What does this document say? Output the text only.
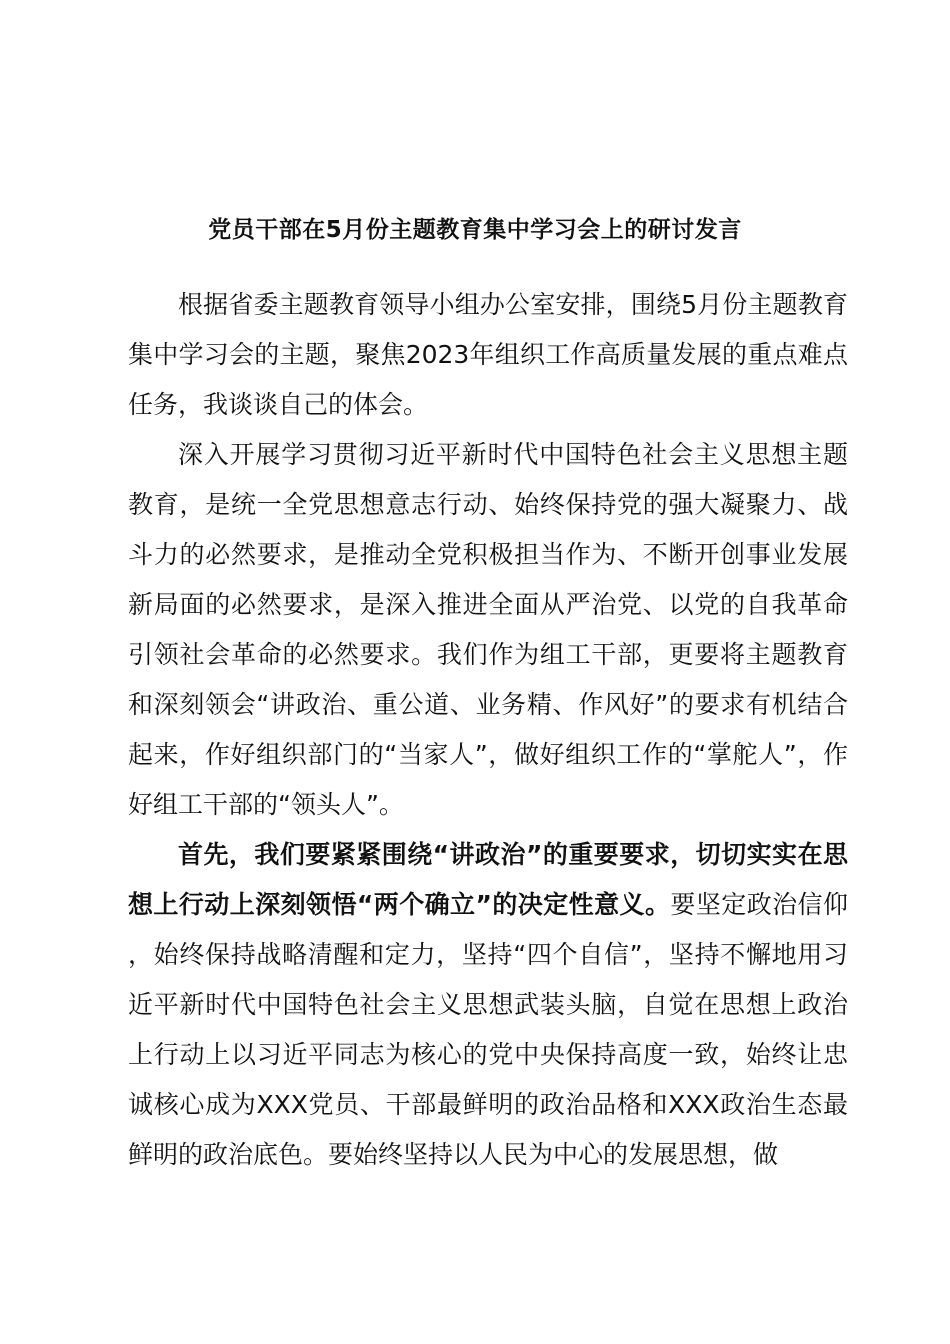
党员干部在5月份主题教育集中学习会上的研讨发言

根据省委主题教育领导小组办公室安排，围绕5月份主题教育集中学习会的主题，聚焦2023年组织工作高质量发展的重点难点任务，我谈谈自己的体会。

深入开展学习贯彻习近平新时代中国特色社会主义思想主题教育，是统一全党思想意志行动、始终保持党的强大凝聚力、战斗力的必然要求，是推动全党积极担当作为、不断开创事业发展新局面的必然要求，是深入推进全面从严治党、以党的自我革命引领社会革命的必然要求。我们作为组工干部，更要将主题教育和深刻领会“讲政治、重公道、业务精、作风好”的要求有机结合起来，作好组织部门的“当家人”，做好组织工作的“掌舵人”，作好组工干部的“领头人”。

首先，我们要紧紧围绕“讲政治”的重要要求，切切实实在思想上行动上深刻领悟“两个确立”的决定性意义。要坚定政治信仰，始终保持战略清醒和定力，坚持“四个自信”，坚持不懈地用习近平新时代中国特色社会主义思想武装头脑，自觉在思想上政治上行动上以习近平同志为核心的党中央保持高度一致，始终让忠诚核心成为XXX党员、干部最鲜明的政治品格和XXX政治生态最鲜明的政治底色。要始终坚持以人民为中心的发展思想，做
